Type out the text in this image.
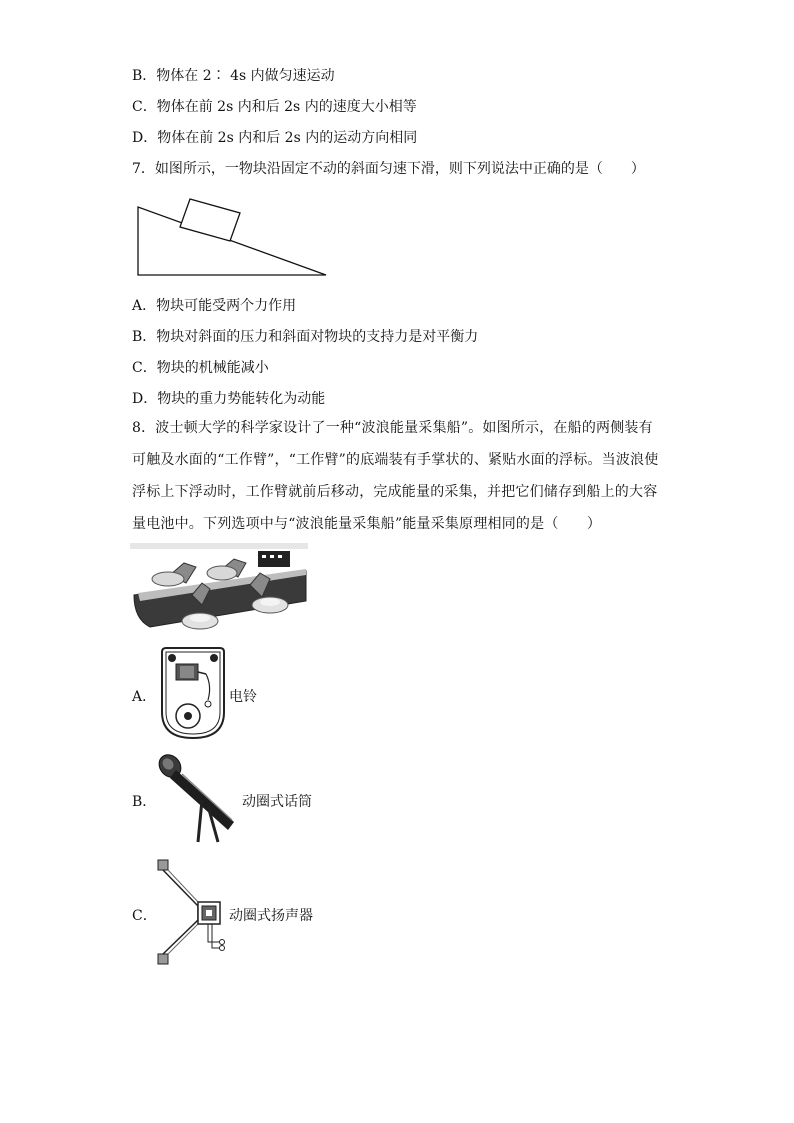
B．物体在 2∶ 4s 内做匀速运动
C．物体在前 2s 内和后 2s 内的速度大小相等
D．物体在前 2s 内和后 2s 内的运动方向相同
7．如图所示，一物块沿固定不动的斜面匀速下滑，则下列说法中正确的是（　　）
A．物块可能受两个力作用
B．物块对斜面的压力和斜面对物块的支持力是对平衡力
C．物块的机械能减小
D．物块的重力势能转化为动能
8．波士顿大学的科学家设计了一种“波浪能量采集船”。如图所示，在船的两侧装有可触及水面的“工作臂”，“工作臂”的底端装有手掌状的、紧贴水面的浮标。当波浪使浮标上下浮动时，工作臂就前后移动，完成能量的采集，并把它们储存到船上的大容量电池中。下列选项中与“波浪能量采集船”能量采集原理相同的是（　　）
A．	电铃
B．	动圈式话筒
C．	动圈式扬声器
